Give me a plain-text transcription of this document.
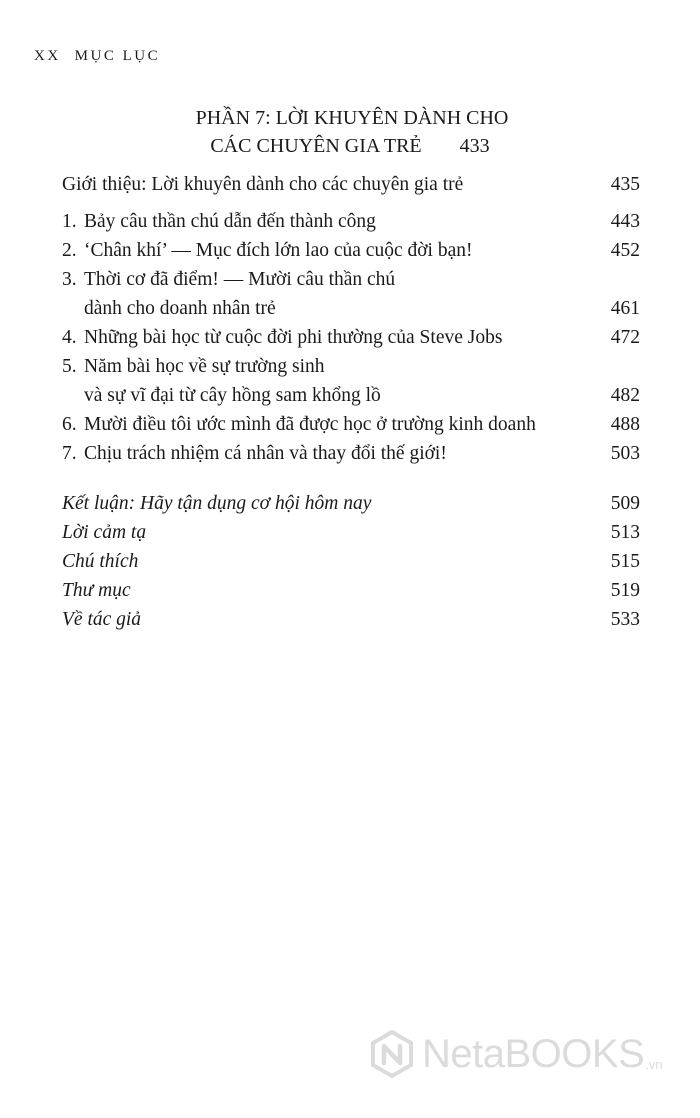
XX MỤC LỤC
PHẦN 7: LỜI KHUYÊN DÀNH CHO
CÁC CHUYÊN GIA TRẺ 433
Giới thiệu: Lời khuyên dành cho các chuyên gia trẻ	435
1. Bảy câu thần chú dẫn đến thành công	443
2. ‘Chân khí’ — Mục đích lớn lao của cuộc đời bạn!	452
3. Thời cơ đã điểm! — Mười câu thần chú
dành cho doanh nhân trẻ	461
4. Những bài học từ cuộc đời phi thường của Steve Jobs	472
5. Năm bài học về sự trường sinh
và sự vĩ đại từ cây hồng sam khổng lồ	482
6. Mười điều tôi ước mình đã được học ở trường kinh doanh	488
7. Chịu trách nhiệm cá nhân và thay đổi thế giới!	503
Kết luận: Hãy tận dụng cơ hội hôm nay	509
Lời cảm tạ	513
Chú thích	515
Thư mục	519
Về tác giả	533
NetaBOOKS .vn
